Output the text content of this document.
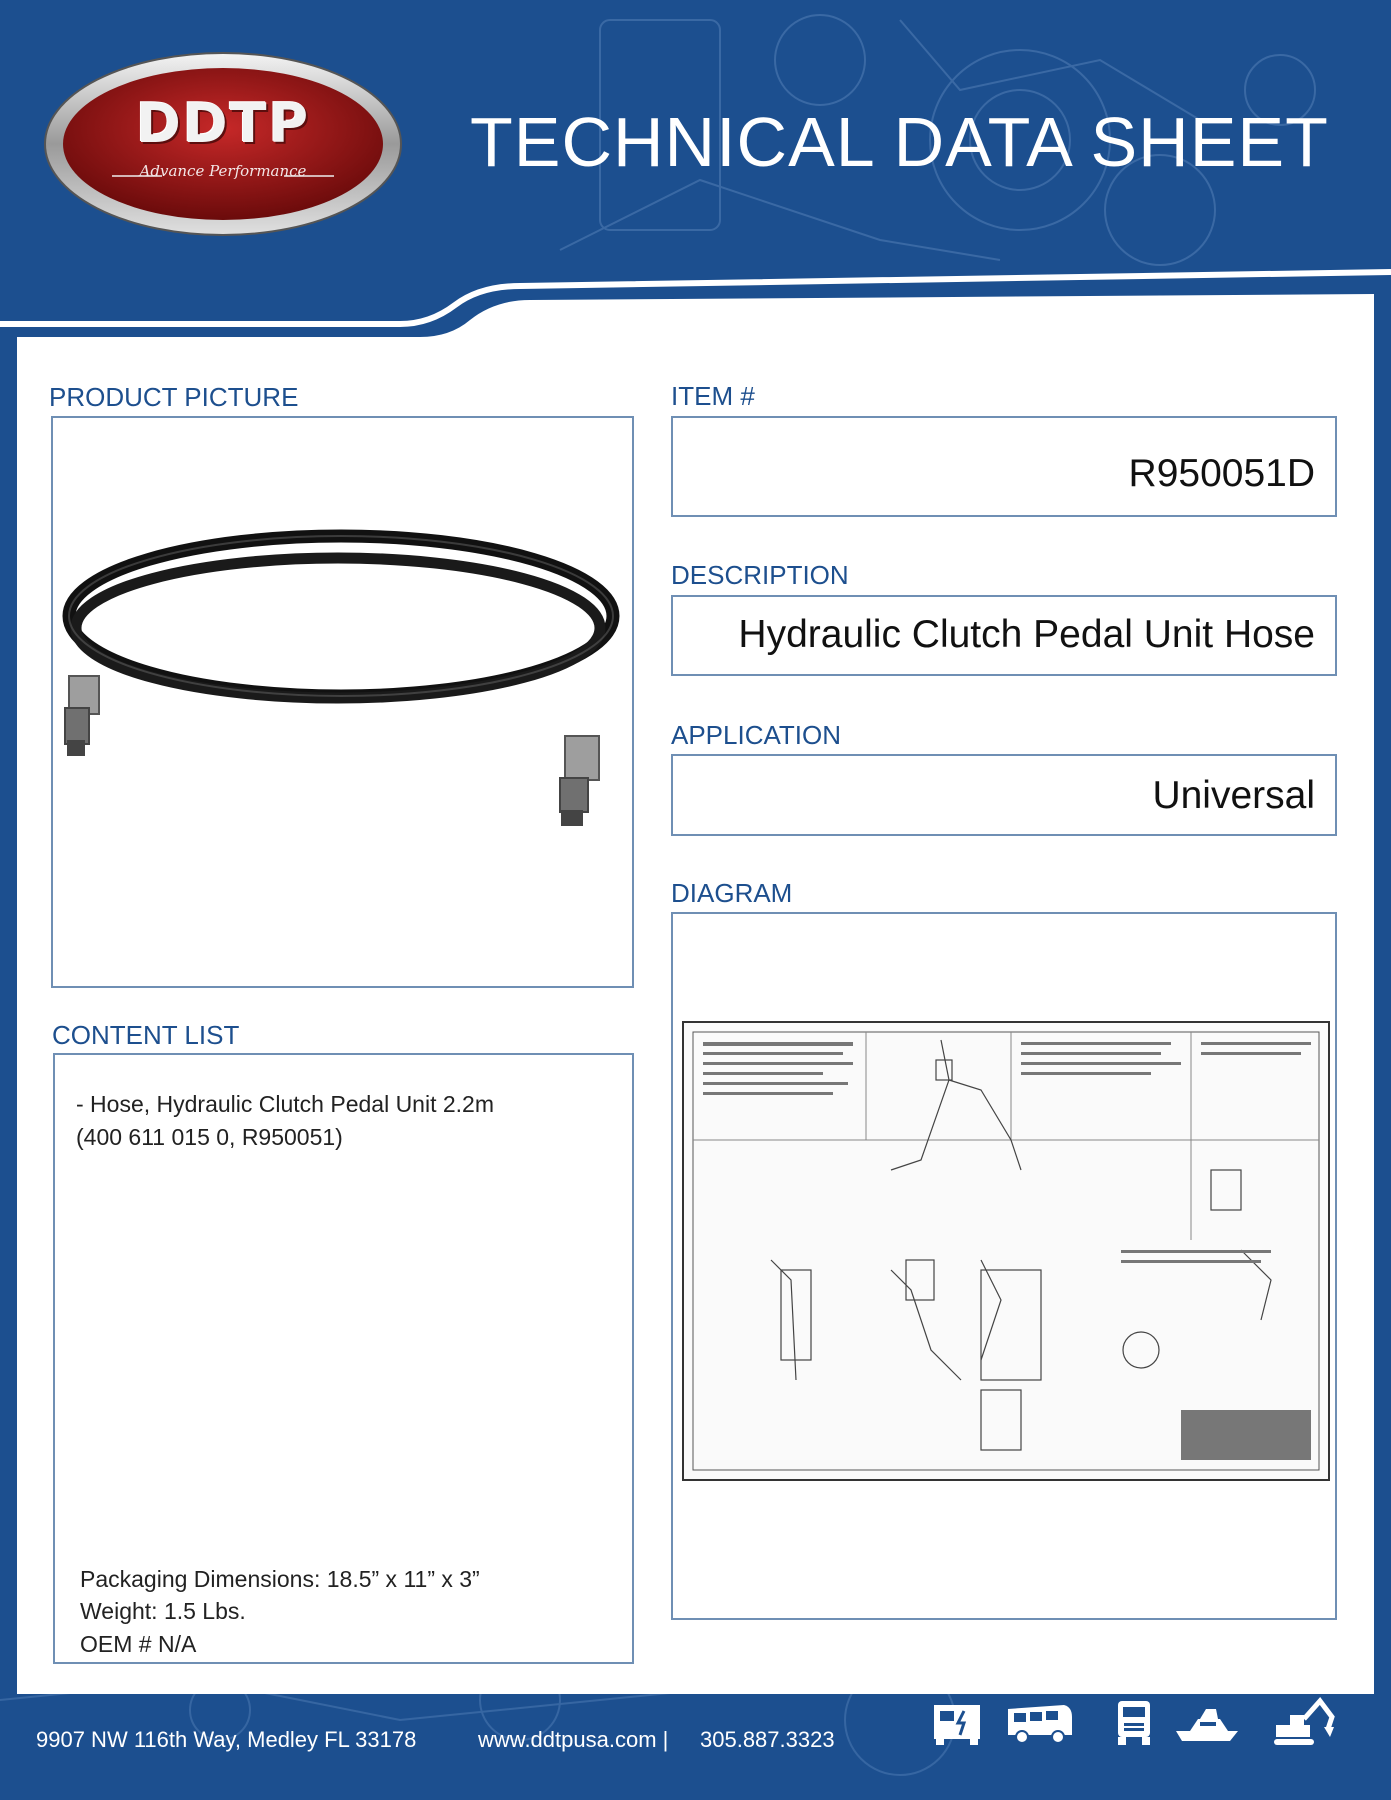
DDTP
Advance Performance	TECHNICAL DATA SHEET
PRODUCT PICTURE	ITEM #
R950051D
DESCRIPTION
Hydraulic Clutch Pedal Unit Hose
APPLICATION
Universal
DIAGRAM
CONTENT LIST
- Hose, Hydraulic Clutch Pedal Unit 2.2m
(400 611 015 0, R950051)
Packaging Dimensions: 18.5” x 11” x 3”
Weight: 1.5 Lbs.
OEM # N/A
9907 NW 116th Way, Medley FL 33178	www.ddtpusa.com | 305.887.3323
